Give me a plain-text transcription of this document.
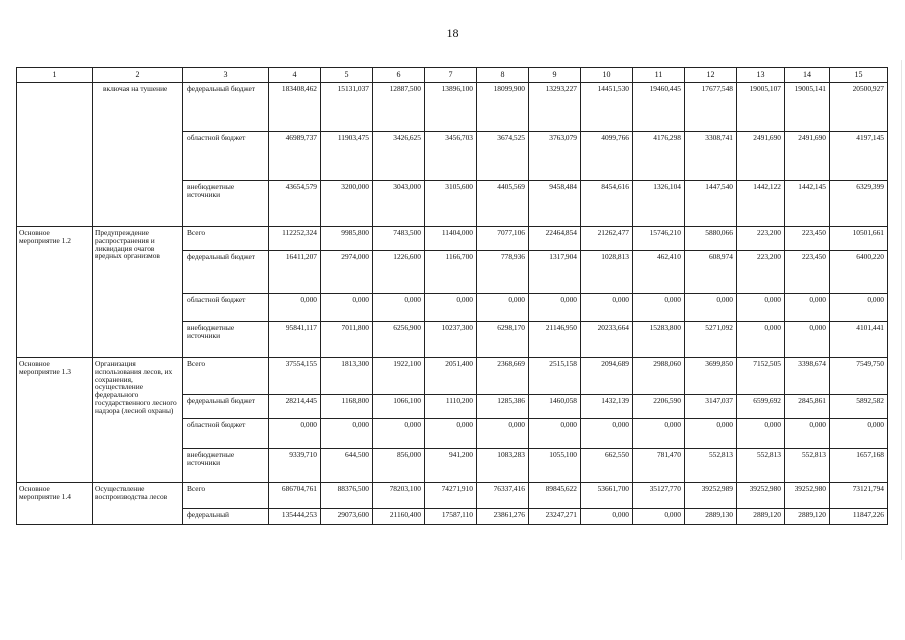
18
1	2	3	4	5	6	7	8	9	10	11	12	13	14	15
	включая на тушение	федеральный бюджет	183408,462	15131,037	12887,500	13896,100	18099,900	13293,227	14451,530	19460,445	17677,548	19005,107	19005,141	20500,927
		областной бюджет	46989,737	11903,475	3426,625	3456,703	3674,525	3763,079	4099,766	4176,298	3308,741	2491,690	2491,690	4197,145
		внебюджетные источники	43654,579	3200,000	3043,000	3105,600	4405,569	9458,484	8454,616	1326,104	1447,540	1442,122	1442,145	6329,399
Основное мероприятие 1.2	Предупреждение распространения и ликвидация очагов вредных организмов	Всего	112252,324	9985,800	7483,500	11404,000	7077,106	22464,854	21262,477	15746,210	5880,066	223,200	223,450	10501,661
		федеральный бюджет	16411,207	2974,000	1226,600	1166,700	778,936	1317,904	1028,813	462,410	608,974	223,200	223,450	6400,220
		областной бюджет	0,000	0,000	0,000	0,000	0,000	0,000	0,000	0,000	0,000	0,000	0,000	0,000
		внебюджетные источники	95841,117	7011,800	6256,900	10237,300	6298,170	21146,950	20233,664	15283,800	5271,092	0,000	0,000	4101,441
Основное мероприятие 1.3	Организация использования лесов, их сохранения, осуществление федерального государственного лесного надзора (лесной охраны)	Всего	37554,155	1813,300	1922,100	2051,400	2368,669	2515,158	2094,689	2988,060	3699,850	7152,505	3398,674	7549,750
		федеральный бюджет	28214,445	1168,800	1066,100	1110,200	1285,386	1460,058	1432,139	2206,590	3147,037	6599,692	2845,861	5892,582
		областной бюджет	0,000	0,000	0,000	0,000	0,000	0,000	0,000	0,000	0,000	0,000	0,000	0,000
		внебюджетные источники	9339,710	644,500	856,000	941,200	1083,283	1055,100	662,550	781,470	552,813	552,813	552,813	1657,168
Основное мероприятие 1.4	Осуществление воспроизводства лесов	Всего	686704,761	88376,500	78203,100	74271,910	76337,416	89845,622	53661,700	35127,770	39252,989	39252,980	39252,980	73121,794
		федеральный	135444,253	29073,600	21160,400	17587,110	23861,276	23247,271	0,000	0,000	2889,130	2889,120	2889,120	11847,226
